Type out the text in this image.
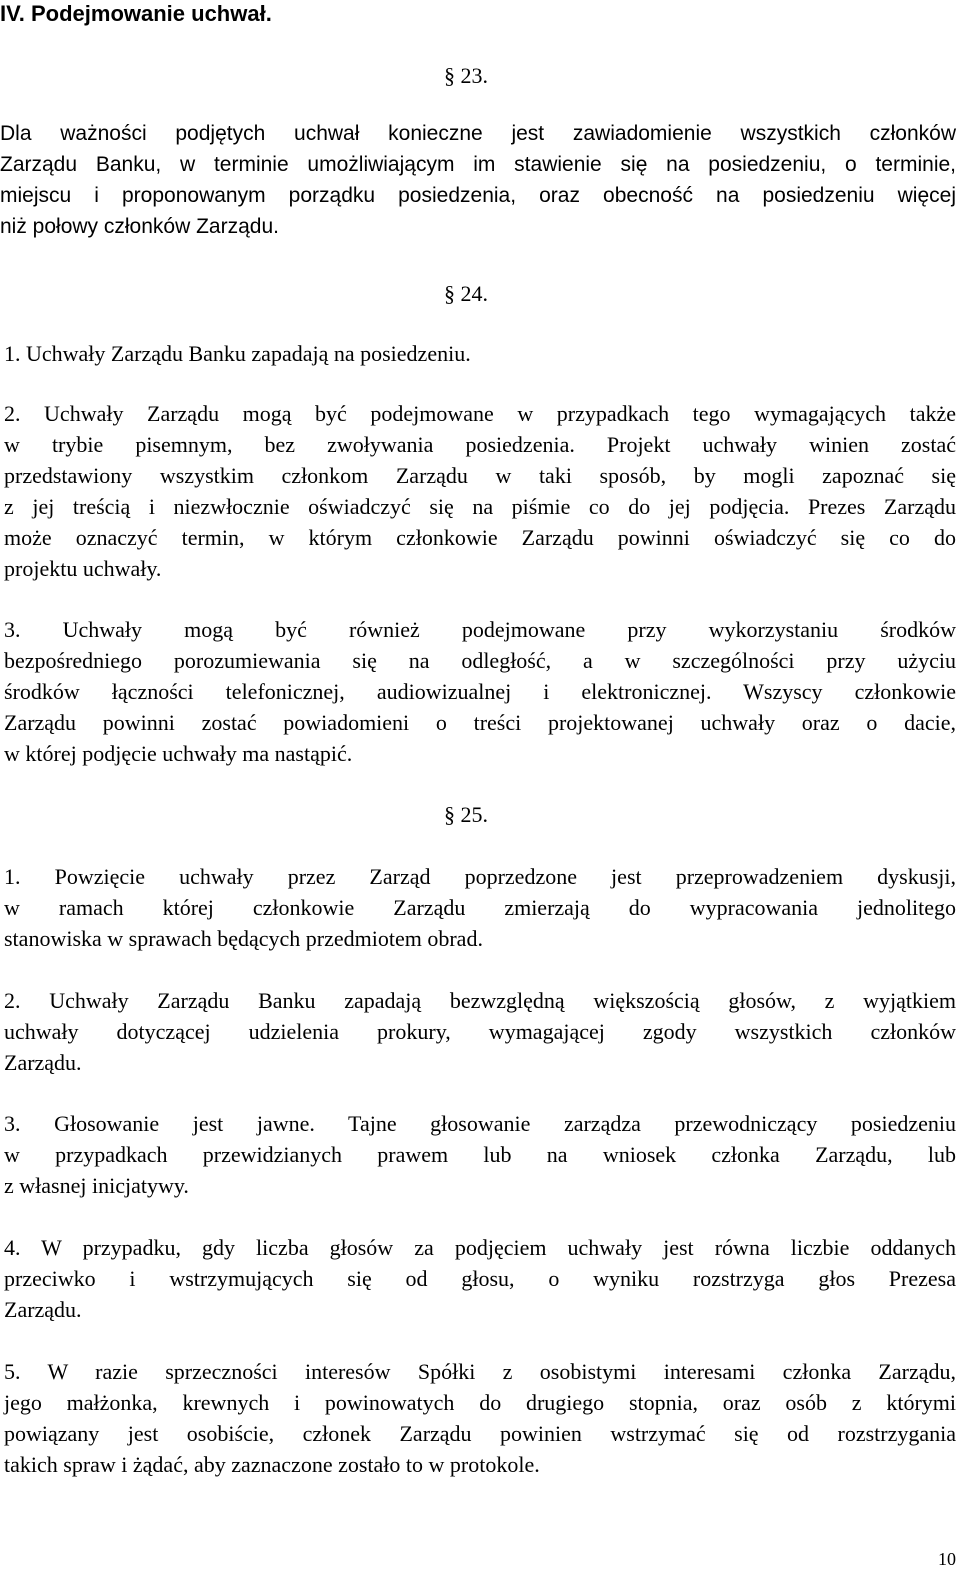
IV. Podejmowanie uchwał.
§ 23.
Dla ważności podjętych uchwał konieczne jest zawiadomienie wszystkich członków
Zarządu Banku, w terminie umożliwiającym im stawienie się na posiedzeniu, o terminie,
miejscu i proponowanym porządku posiedzenia, oraz obecność na posiedzeniu więcej
niż połowy członków Zarządu.
§ 24.
1. Uchwały Zarządu Banku zapadają na posiedzeniu.
2. Uchwały Zarządu mogą być podejmowane w przypadkach tego wymagających także
w trybie pisemnym, bez zwoływania posiedzenia. Projekt uchwały winien zostać
przedstawiony wszystkim członkom Zarządu w taki sposób, by mogli zapoznać się
z jej treścią i niezwłocznie oświadczyć się na piśmie co do jej podjęcia. Prezes Zarządu
może oznaczyć termin, w którym członkowie Zarządu powinni oświadczyć się co do
projektu uchwały.
3. Uchwały mogą być również podejmowane przy wykorzystaniu środków
bezpośredniego porozumiewania się na odległość, a w szczególności przy użyciu
środków łączności telefonicznej, audiowizualnej i elektronicznej. Wszyscy członkowie
Zarządu powinni zostać powiadomieni o treści projektowanej uchwały oraz o dacie,
w której podjęcie uchwały ma nastąpić.
§ 25.
1. Powzięcie uchwały przez Zarząd poprzedzone jest przeprowadzeniem dyskusji,
w ramach której członkowie Zarządu zmierzają do wypracowania jednolitego
stanowiska w sprawach będących przedmiotem obrad.
2. Uchwały Zarządu Banku zapadają bezwzględną większością głosów, z wyjątkiem
uchwały dotyczącej udzielenia prokury, wymagającej zgody wszystkich członków
Zarządu.
3. Głosowanie jest jawne. Tajne głosowanie zarządza przewodniczący posiedzeniu
w przypadkach przewidzianych prawem lub na wniosek członka Zarządu, lub
z własnej inicjatywy.
4. W przypadku, gdy liczba głosów za podjęciem uchwały jest równa liczbie oddanych
przeciwko i wstrzymujących się od głosu, o wyniku rozstrzyga głos Prezesa
Zarządu.
5. W razie sprzeczności interesów Spółki z osobistymi interesami członka Zarządu,
jego małżonka, krewnych i powinowatych do drugiego stopnia, oraz osób z którymi
powiązany jest osobiście, członek Zarządu powinien wstrzymać się od rozstrzygania
takich spraw i żądać, aby zaznaczone zostało to w protokole.
10
